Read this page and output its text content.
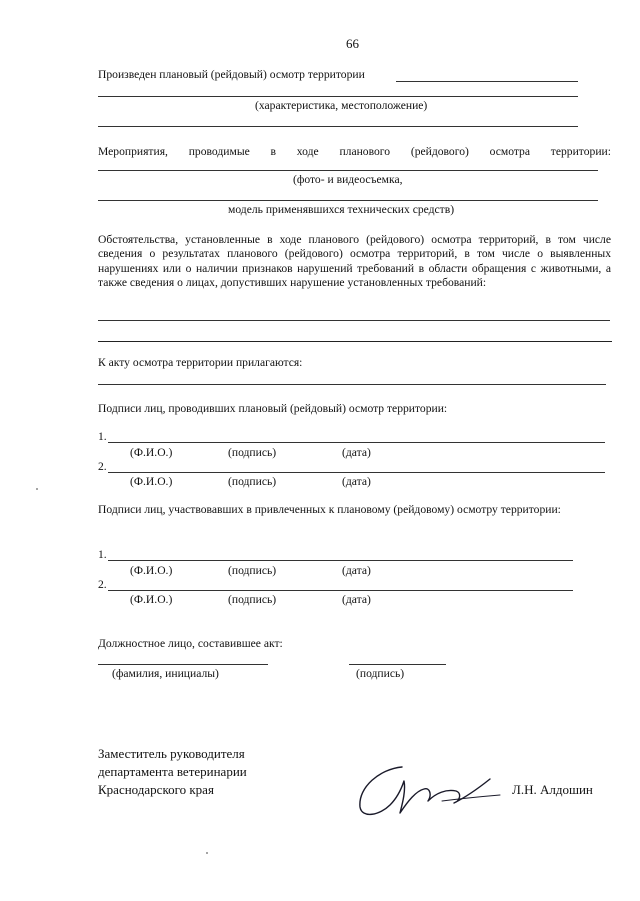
66
Произведен плановый (рейдовый) осмотр территории
(характеристика, местоположение)
Мероприятия, проводимые в ходе планового (рейдового) осмотра территории:
(фото- и видеосъемка,
модель применявшихся технических средств)
Обстоятельства, установленные в ходе планового (рейдового) осмотра территорий, в том числе сведения о результатах планового (рейдового) осмотра территорий, в том числе о выявленных нарушениях или о наличии признаков нарушений требований в области обращения с животными, а также сведения о лицах, допустивших нарушение установленных требований:
К акту осмотра территории прилагаются:
Подписи лиц, проводивших плановый (рейдовый) осмотр территории:
1.
(Ф.И.О.)	(подпись)	(дата)
2.
(Ф.И.О.)	(подпись)	(дата)
Подписи лиц, участвовавших в привлеченных к плановому (рейдовому) осмотру территории:
1.
(Ф.И.О.)	(подпись)	(дата)
2.
(Ф.И.О.)	(подпись)	(дата)
Должностное лицо, составившее акт:
(фамилия, инициалы)	(подпись)
Заместитель руководителя
департамента ветеринарии
Краснодарского края	Л.Н. Алдошин
